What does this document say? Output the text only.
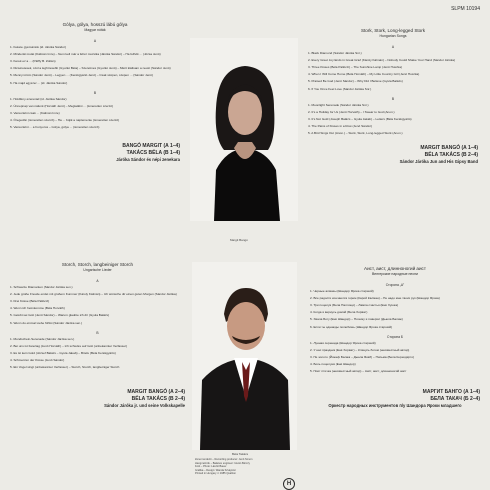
SLPM 10194
Gólya, gólya, hosszú lábú gólya
Magyar nóták
A
1. Fekete gyémántok (id. Járóka Sándor)
2. Mindenki mulat (Kálmán Imre) – Nem kell már a fehér muzsika (Járóka Sándor) – Ha felhők ... (Józsa Jenő)
3. Kerek ez a ... (Pálffy B. Zoltán)
4. Dicséretesek, szól a leghíresebb (Gyurkó Béla) – Szerelmes (Gyurkó Jenő) – Miért kiáltsam a nevét (Sándor Jenő)
5. Mennyi öröm (Sándor Jenő) – Legyen ... (Kerékgyártó Jenő) – Csak szépen, szépen ... (Sándor Jenő)
6. Ha majd egyszer ... (id. Járóka Sándor)
B
1. Holdfény-szerenád (id. Járóka Sándor)
2. Ünnepnap van nálunk (Horváth Jenő) – Megtalálni ... (ismeretlen szerző)
3. Vacsorázni csak ... (Kálmán Imre)
4. Öregedőn (ismeretlen szerző) – Ha ... bújik a naplemente (ismeretlen szerző)
5. Vacsorázni ... a hunyoros – Gólya, gólya ... (ismeretlen szerző)

BANGÓ MARGIT (A 1–4)

TAKÁCS BÉLA (B 1–4)

Járóka Sándor és népi zenekara

Margit Bangó
Stork, Stork, Long-legged Stork
Hungarian Songs
A
1. Black Diamond (Sándor Járóka Snr.)
2. Every Greet Joy Ends in Great Grief (Károly Kálmán) – Nobody Could Shake Your Hand (Sándor Járóka)
3. Three Kisses (Béla Pallóczi) – The Sunshine Lamp (Jenő Huszka)
4. When I Will Come Home (Béla Horváth) – My Little Country Girl (Jenő Huszka)
5. Praised Be God (Jenő Sándor) – Why Did I Believe (Gyula Balázs)
6. If You Once Feel Love (Sándor Járóka Snr.)
B
1. Moonlight Serenade (Sándor Járóka Snr.)
2. It's a Holiday for Us (Jenő Horváth) – I Swear to God (Anon.)
3. It's Not Gold (Joseph Balázs – Gyula Jakab) – Letters (Béla Kerékgyártó)
4. The Pains of Kisses in a Row (Jenő Sándor)
5. A Bird Sings Out (Anon.) – Stork, Stork, Long-legged Stork (Anon.)

MARGIT BANGÓ (A 1–4)

BÉLA TAKÁCS (B 2–4)

Sándor Járóka Jun and His Gipsy Band

Storch, Storch, langbeiniger Storch
Ungarische Lieder
A
1. Schwarze Diamanten (Sándor Járóka sen.)
2. Jede große Freude endet mit großem Kummer (Károly Kálmán) – Ich wünsche dir einen guten Morgen (Sándor Járóka)
3. Drei Küsse (Béla Pallóczi)
4. Wenn ich heimkomme (Béla Horváth)
5. Gelobt sei Gott (Jenő Sándor) – Warum glaubte ich dir (Gyula Balázs)
6. Wenn du einmal Liebe fühlst (Sándor Járóka sen.)
B
1. Mondschein-Serenade (Sándor Járóka sen.)
2. Bei uns ist Feiertag (Jenő Horváth) – Ich schwöre auf Gott (unbekannter Verfasser)
3. Es ist kein Gold (József Balázs – Gyula Jakab) – Briefe (Béla Kerékgyártó)
4. Schmerzen der Küsse (Jenő Sándor)
5. Ein Vogel singt (unbekannter Verfasser) – Storch, Storch, langbeiniger Storch

MARGIT BANGÓ (A 2–4)

BÉLA TAKÁCS (B 2–4)

Sándor Járóka jr. und seine Volkskapelle

Béla Takács
Zenei rendező – Recording producer: Jenő Simon
Hangmérnök – Balance engineer: István Bérczy
Fotó – Photo: László Bauer
Grafika – Design: Wanda Szváytzer
Printed in Hungary ℗ 1985 Qualiton
H
Аист, аист, длинноногий аист
Венгерские народные песни
Сторона „A"
1. Черные алмазы (Шандор Ярока старший)
2. Все радости кончаются горем (Карой Калман) – Не надо мне твоих рук (Шандор Ярока)
3. Три поцелуя (Бела Паллоци) – Лампа счастья (Енё Хушка)
4. Когда я вернусь домой (Бела Хорват)
5. Хвала Богу (Енё Шандор) – Почему я поверил (Дьюла Балаж)
6. Если ты однажды полюбишь (Шандор Ярока старший)
Сторона Б
1. Лунная серенада (Шандор Ярока старший)
2. У нас праздник (Енё Хорват) – Клянусь богом (неизвестный автор)
3. Не золото (Йожеф Балаж – Дьюла Якаб) – Письма (Бела Керекдярто)
4. Боль поцелуев (Енё Шандор)
5. Поёт птичка (неизвестный автор) – Аист, аист, длинноногий аист

МАРГИТ БАНГО (А 1–4)

БЕЛА ТАКАЧ (Б 2–4)

Оркестр народных инструментов п/у Шандора Яроки младшего
